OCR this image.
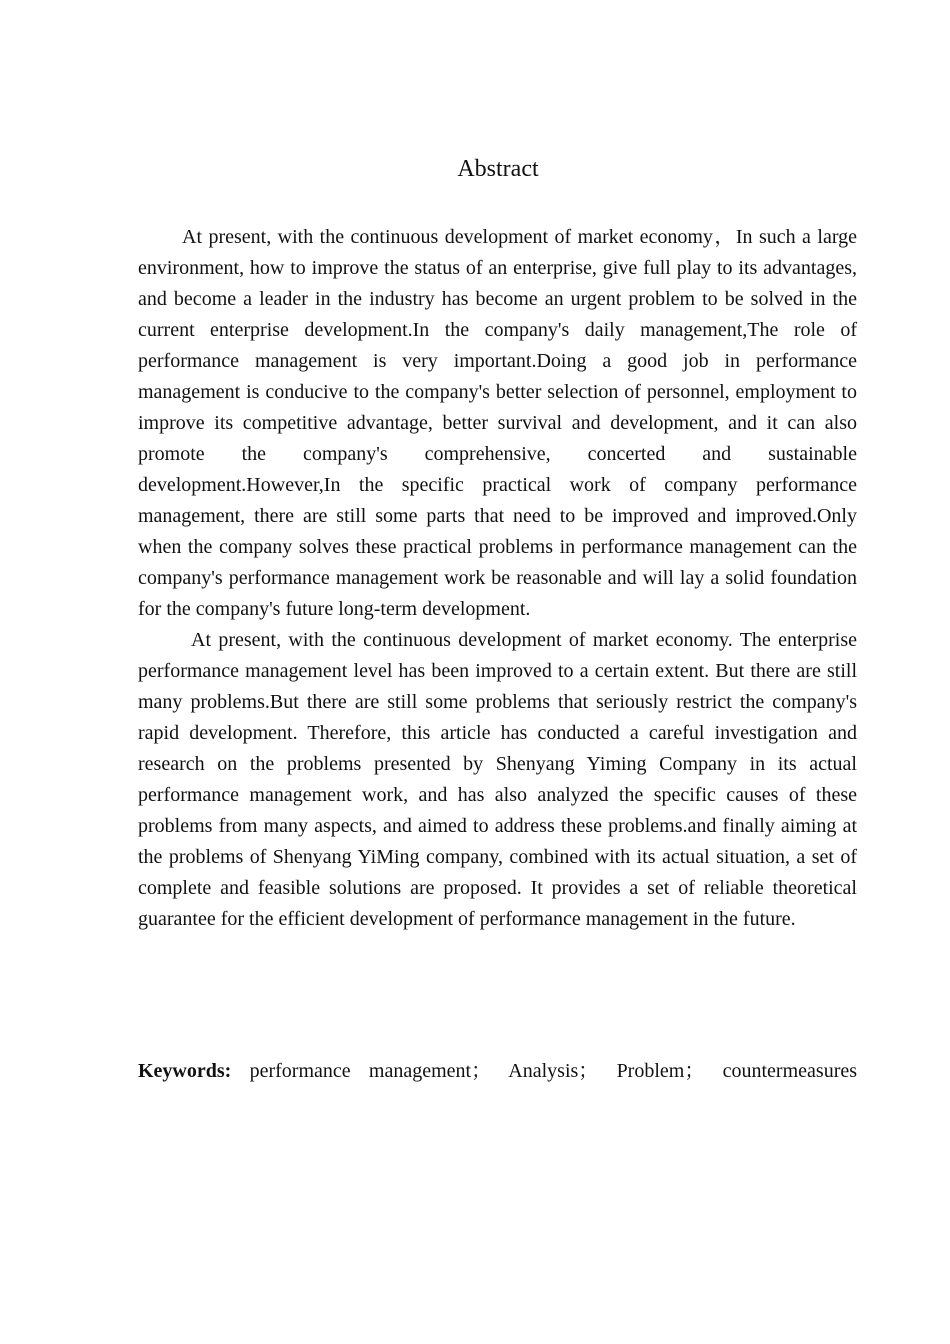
Abstract

At present, with the continuous development of market economy，In such a large environment, how to improve the status of an enterprise, give full play to its advantages, and become a leader in the industry has become an urgent problem to be solved in the current enterprise development.In the company's daily management,The role of performance management is very important.Doing a good job in performance management is conducive to the company's better selection of personnel, employment to improve its competitive advantage, better survival and development, and it can also promote the company's comprehensive, concerted and sustainable development.However,In the specific practical work of company performance management, there are still some parts that need to be improved and improved.Only when the company solves these practical problems in performance management can the company's performance management work be reasonable and will lay a solid foundation for the company's future long-term development.

At present, with the continuous development of market economy. The enterprise performance management level has been improved to a certain extent. But there are still many problems.But there are still some problems that seriously restrict the company's rapid development. Therefore, this article has conducted a careful investigation and research on the problems presented by Shenyang Yiming Company in its actual performance management work, and has also analyzed the specific causes of these problems from many aspects, and aimed to address these problems.and finally aiming at the problems of Shenyang YiMing company, combined with its actual situation, a set of complete and feasible solutions are proposed. It provides a set of reliable theoretical guarantee for the efficient development of performance management in the future.

Keywords: performance management； Analysis； Problem； countermeasures
